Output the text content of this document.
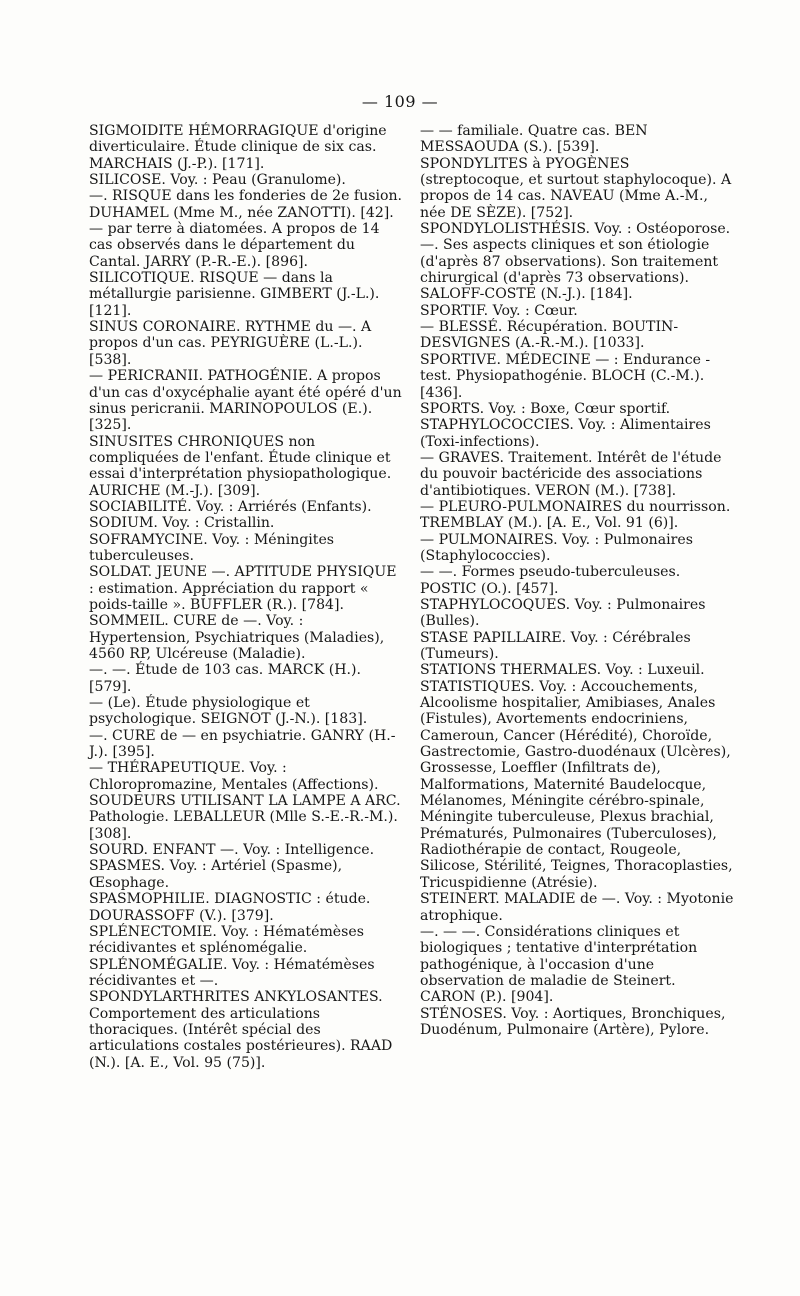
— 109 —

SIGMOIDITE HÉMORRAGIQUE d'origine diverticulaire. Étude clinique de six cas. MARCHAIS (J.-P.). [171].

SILICOSE. Voy. : Peau (Granulome).

—. RISQUE dans les fonderies de 2e fusion. DUHAMEL (Mme M., née ZANOTTI). [42].

— par terre à diatomées. A propos de 14 cas observés dans le département du Cantal. JARRY (P.-R.-E.). [896].

SILICOTIQUE. RISQUE — dans la métallurgie parisienne. GIMBERT (J.-L.). [121].

SINUS CORONAIRE. RYTHME du —. A propos d'un cas. PEYRIGUÈRE (L.-L.). [538].

— PERICRANII. PATHOGÉNIE. A propos d'un cas d'oxycéphalie ayant été opéré d'un sinus pericranii. MARINOPOULOS (E.). [325].

SINUSITES CHRONIQUES non compliquées de l'enfant. Étude clinique et essai d'interprétation physiopathologique. AURICHE (M.-J.). [309].

SOCIABILITÉ. Voy. : Arriérés (Enfants).

SODIUM. Voy. : Cristallin.

SOFRAMYCINE. Voy. : Méningites tuberculeuses.

SOLDAT. JEUNE —. APTITUDE PHYSIQUE : estimation. Appréciation du rapport « poids-taille ». BUFFLER (R.). [784].

SOMMEIL. CURE de —. Voy. : Hypertension, Psychiatriques (Maladies), 4560 RP, Ulcéreuse (Maladie).

—. —. Étude de 103 cas. MARCK (H.). [579].

— (Le). Étude physiologique et psychologique. SEIGNOT (J.-N.). [183].

—. CURE de — en psychiatrie. GANRY (H.-J.). [395].

— THÉRAPEUTIQUE. Voy. : Chloropromazine, Mentales (Affections).

SOUDEURS UTILISANT LA LAMPE A ARC. Pathologie. LEBALLEUR (Mlle S.-E.-R.-M.). [308].

SOURD. ENFANT —. Voy. : Intelligence.

SPASMES. Voy. : Artériel (Spasme), Œsophage.

SPASMOPHILIE. DIAGNOSTIC : étude. DOURASSOFF (V.). [379].

SPLÉNECTOMIE. Voy. : Hématémèses récidivantes et splénomégalie.

SPLÉNOMÉGALIE. Voy. : Hématémèses récidivantes et —.

SPONDYLARTHRITES ANKYLOSANTES. Comportement des articulations thoraciques. (Intérêt spécial des articulations costales postérieures). RAAD (N.). [A. E., Vol. 95 (75)].

— — familiale. Quatre cas. BEN MESSAOUDA (S.). [539].

SPONDYLITES à PYOGÈNES (streptocoque, et surtout staphylocoque). A propos de 14 cas. NAVEAU (Mme A.-M., née DE SÈZE). [752].

SPONDYLOLISTHÉSIS. Voy. : Ostéoporose.

—. Ses aspects cliniques et son étiologie (d'après 87 observations). Son traitement chirurgical (d'après 73 observations). SALOFF-COSTE (N.-J.). [184].

SPORTIF. Voy. : Cœur.

— BLESSÉ. Récupération. BOUTIN-DESVIGNES (A.-R.-M.). [1033].

SPORTIVE. MÉDECINE — : Endurance - test. Physiopathogénie. BLOCH (C.-M.). [436].

SPORTS. Voy. : Boxe, Cœur sportif.

STAPHYLOCOCCIES. Voy. : Alimentaires (Toxi-infections).

— GRAVES. Traitement. Intérêt de l'étude du pouvoir bactéricide des associations d'antibiotiques. VERON (M.). [738].

— PLEURO-PULMONAIRES du nourrisson. TREMBLAY (M.). [A. E., Vol. 91 (6)].

— PULMONAIRES. Voy. : Pulmonaires (Staphylococcies).

— —. Formes pseudo-tuberculeuses. POSTIC (O.). [457].

STAPHYLOCOQUES. Voy. : Pulmonaires (Bulles).

STASE PAPILLAIRE. Voy. : Cérébrales (Tumeurs).

STATIONS THERMALES. Voy. : Luxeuil.

STATISTIQUES. Voy. : Accouchements, Alcoolisme hospitalier, Amibiases, Anales (Fistules), Avortements endocriniens, Cameroun, Cancer (Hérédité), Choroïde, Gastrectomie, Gastro-duodénaux (Ulcères), Grossesse, Loeffler (Infiltrats de), Malformations, Maternité Baudelocque, Mélanomes, Méningite cérébro-spinale, Méningite tuberculeuse, Plexus brachial, Prématurés, Pulmonaires (Tuberculoses), Radiothérapie de contact, Rougeole, Silicose, Stérilité, Teignes, Thoracoplasties, Tricuspidienne (Atrésie).

STEINERT. MALADIE de —. Voy. : Myotonie atrophique.

—. — —. Considérations cliniques et biologiques ; tentative d'interprétation pathogénique, à l'occasion d'une observation de maladie de Steinert. CARON (P.). [904].

STÉNOSES. Voy. : Aortiques, Bronchiques, Duodénum, Pulmonaire (Artère), Pylore.
